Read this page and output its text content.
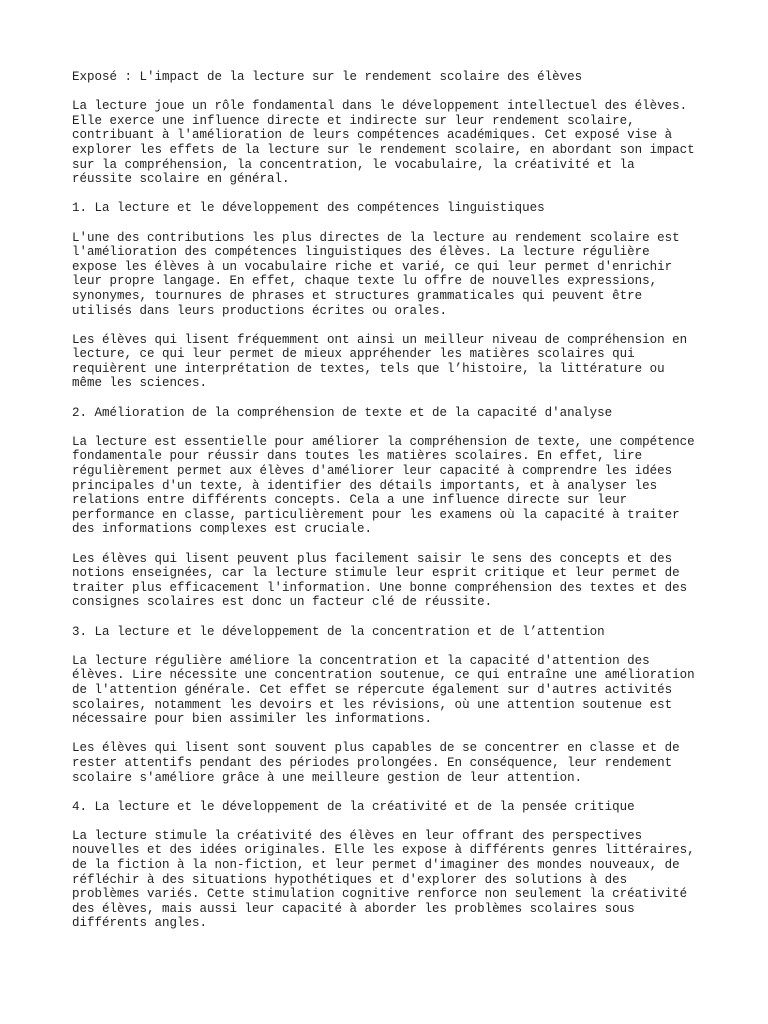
Exposé : L'impact de la lecture sur le rendement scolaire des élèves

La lecture joue un rôle fondamental dans le développement intellectuel des élèves.
Elle exerce une influence directe et indirecte sur leur rendement scolaire,
contribuant à l'amélioration de leurs compétences académiques. Cet exposé vise à
explorer les effets de la lecture sur le rendement scolaire, en abordant son impact
sur la compréhension, la concentration, le vocabulaire, la créativité et la
réussite scolaire en général.

1. La lecture et le développement des compétences linguistiques

L'une des contributions les plus directes de la lecture au rendement scolaire est
l'amélioration des compétences linguistiques des élèves. La lecture régulière
expose les élèves à un vocabulaire riche et varié, ce qui leur permet d'enrichir
leur propre langage. En effet, chaque texte lu offre de nouvelles expressions,
synonymes, tournures de phrases et structures grammaticales qui peuvent être
utilisés dans leurs productions écrites ou orales.

Les élèves qui lisent fréquemment ont ainsi un meilleur niveau de compréhension en
lecture, ce qui leur permet de mieux appréhender les matières scolaires qui
requièrent une interprétation de textes, tels que l’histoire, la littérature ou
même les sciences.

2. Amélioration de la compréhension de texte et de la capacité d'analyse

La lecture est essentielle pour améliorer la compréhension de texte, une compétence
fondamentale pour réussir dans toutes les matières scolaires. En effet, lire
régulièrement permet aux élèves d'améliorer leur capacité à comprendre les idées
principales d'un texte, à identifier des détails importants, et à analyser les
relations entre différents concepts. Cela a une influence directe sur leur
performance en classe, particulièrement pour les examens où la capacité à traiter
des informations complexes est cruciale.

Les élèves qui lisent peuvent plus facilement saisir le sens des concepts et des
notions enseignées, car la lecture stimule leur esprit critique et leur permet de
traiter plus efficacement l'information. Une bonne compréhension des textes et des
consignes scolaires est donc un facteur clé de réussite.

3. La lecture et le développement de la concentration et de l’attention

La lecture régulière améliore la concentration et la capacité d'attention des
élèves. Lire nécessite une concentration soutenue, ce qui entraîne une amélioration
de l'attention générale. Cet effet se répercute également sur d'autres activités
scolaires, notamment les devoirs et les révisions, où une attention soutenue est
nécessaire pour bien assimiler les informations.

Les élèves qui lisent sont souvent plus capables de se concentrer en classe et de
rester attentifs pendant des périodes prolongées. En conséquence, leur rendement
scolaire s'améliore grâce à une meilleure gestion de leur attention.

4. La lecture et le développement de la créativité et de la pensée critique

La lecture stimule la créativité des élèves en leur offrant des perspectives
nouvelles et des idées originales. Elle les expose à différents genres littéraires,
de la fiction à la non-fiction, et leur permet d'imaginer des mondes nouveaux, de
réfléchir à des situations hypothétiques et d'explorer des solutions à des
problèmes variés. Cette stimulation cognitive renforce non seulement la créativité
des élèves, mais aussi leur capacité à aborder les problèmes scolaires sous
différents angles.
